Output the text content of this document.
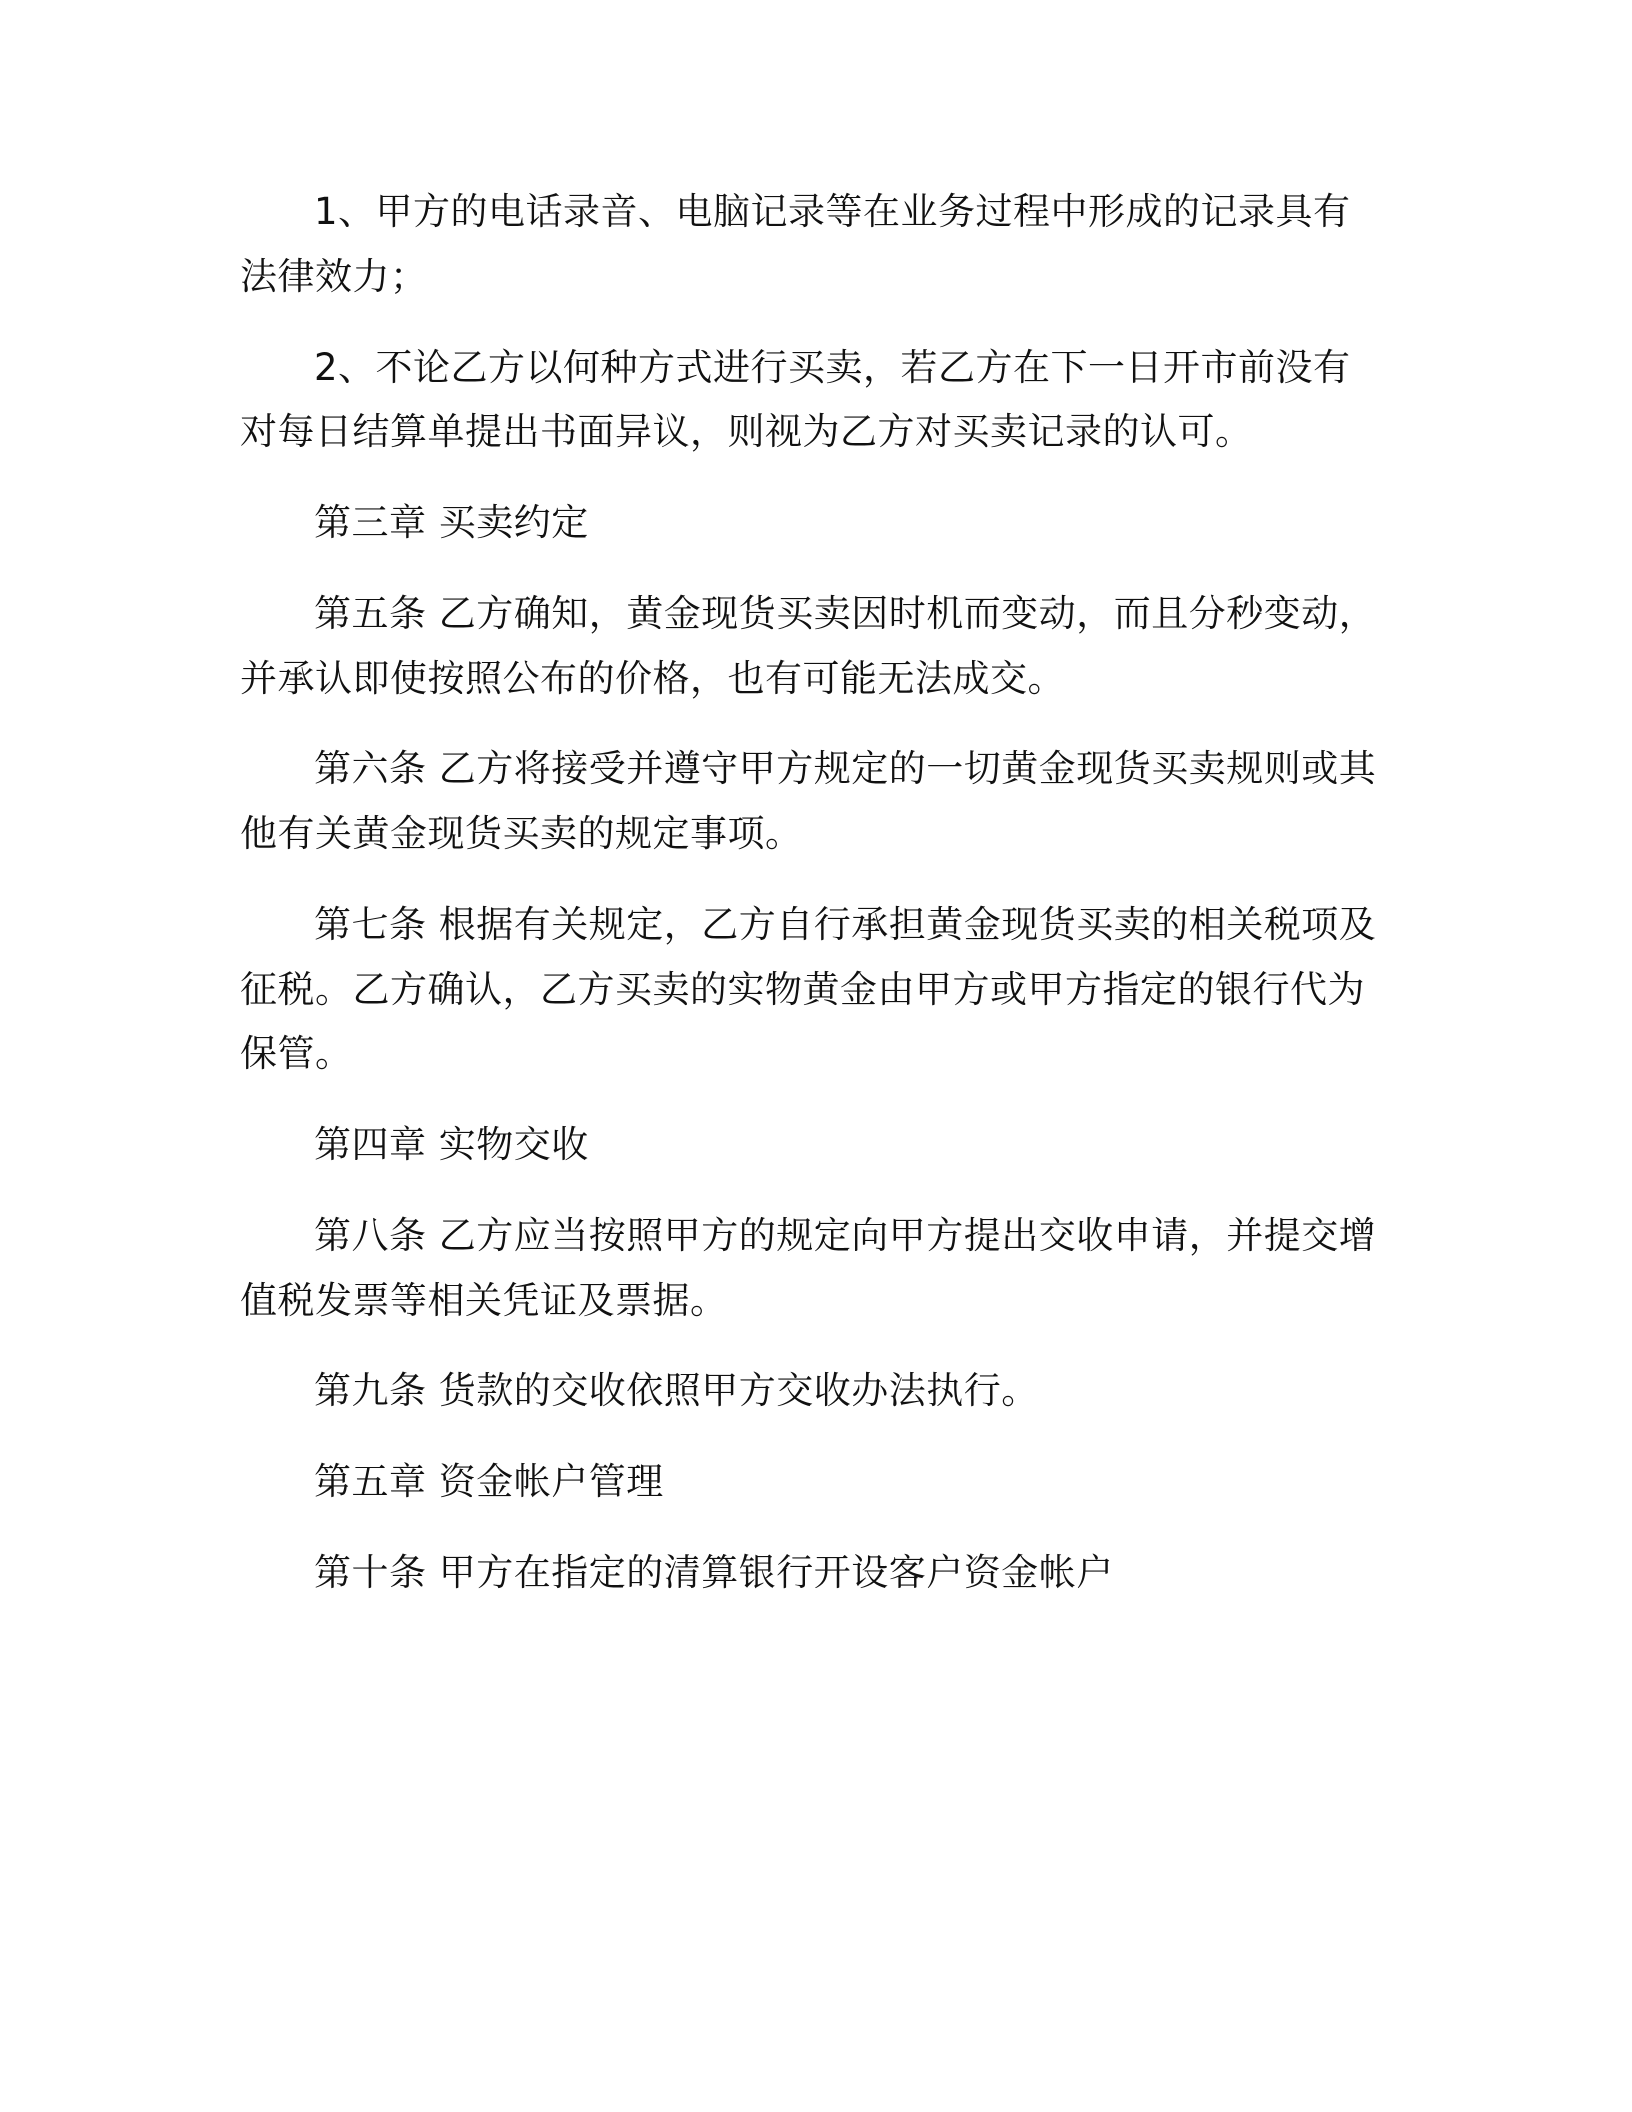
1、甲方的电话录音、电脑记录等在业务过程中形成的记录具有法律效力；

2、不论乙方以何种方式进行买卖，若乙方在下一日开市前没有对每日结算单提出书面异议，则视为乙方对买卖记录的认可。

第三章 买卖约定

第五条 乙方确知，黄金现货买卖因时机而变动，而且分秒变动，并承认即使按照公布的价格，也有可能无法成交。

第六条 乙方将接受并遵守甲方规定的一切黄金现货买卖规则或其他有关黄金现货买卖的规定事项。

第七条 根据有关规定，乙方自行承担黄金现货买卖的相关税项及征税。乙方确认，乙方买卖的实物黄金由甲方或甲方指定的银行代为保管。

第四章 实物交收

第八条 乙方应当按照甲方的规定向甲方提出交收申请，并提交增值税发票等相关凭证及票据。

第九条 货款的交收依照甲方交收办法执行。

第五章 资金帐户管理

第十条 甲方在指定的清算银行开设客户资金帐户
